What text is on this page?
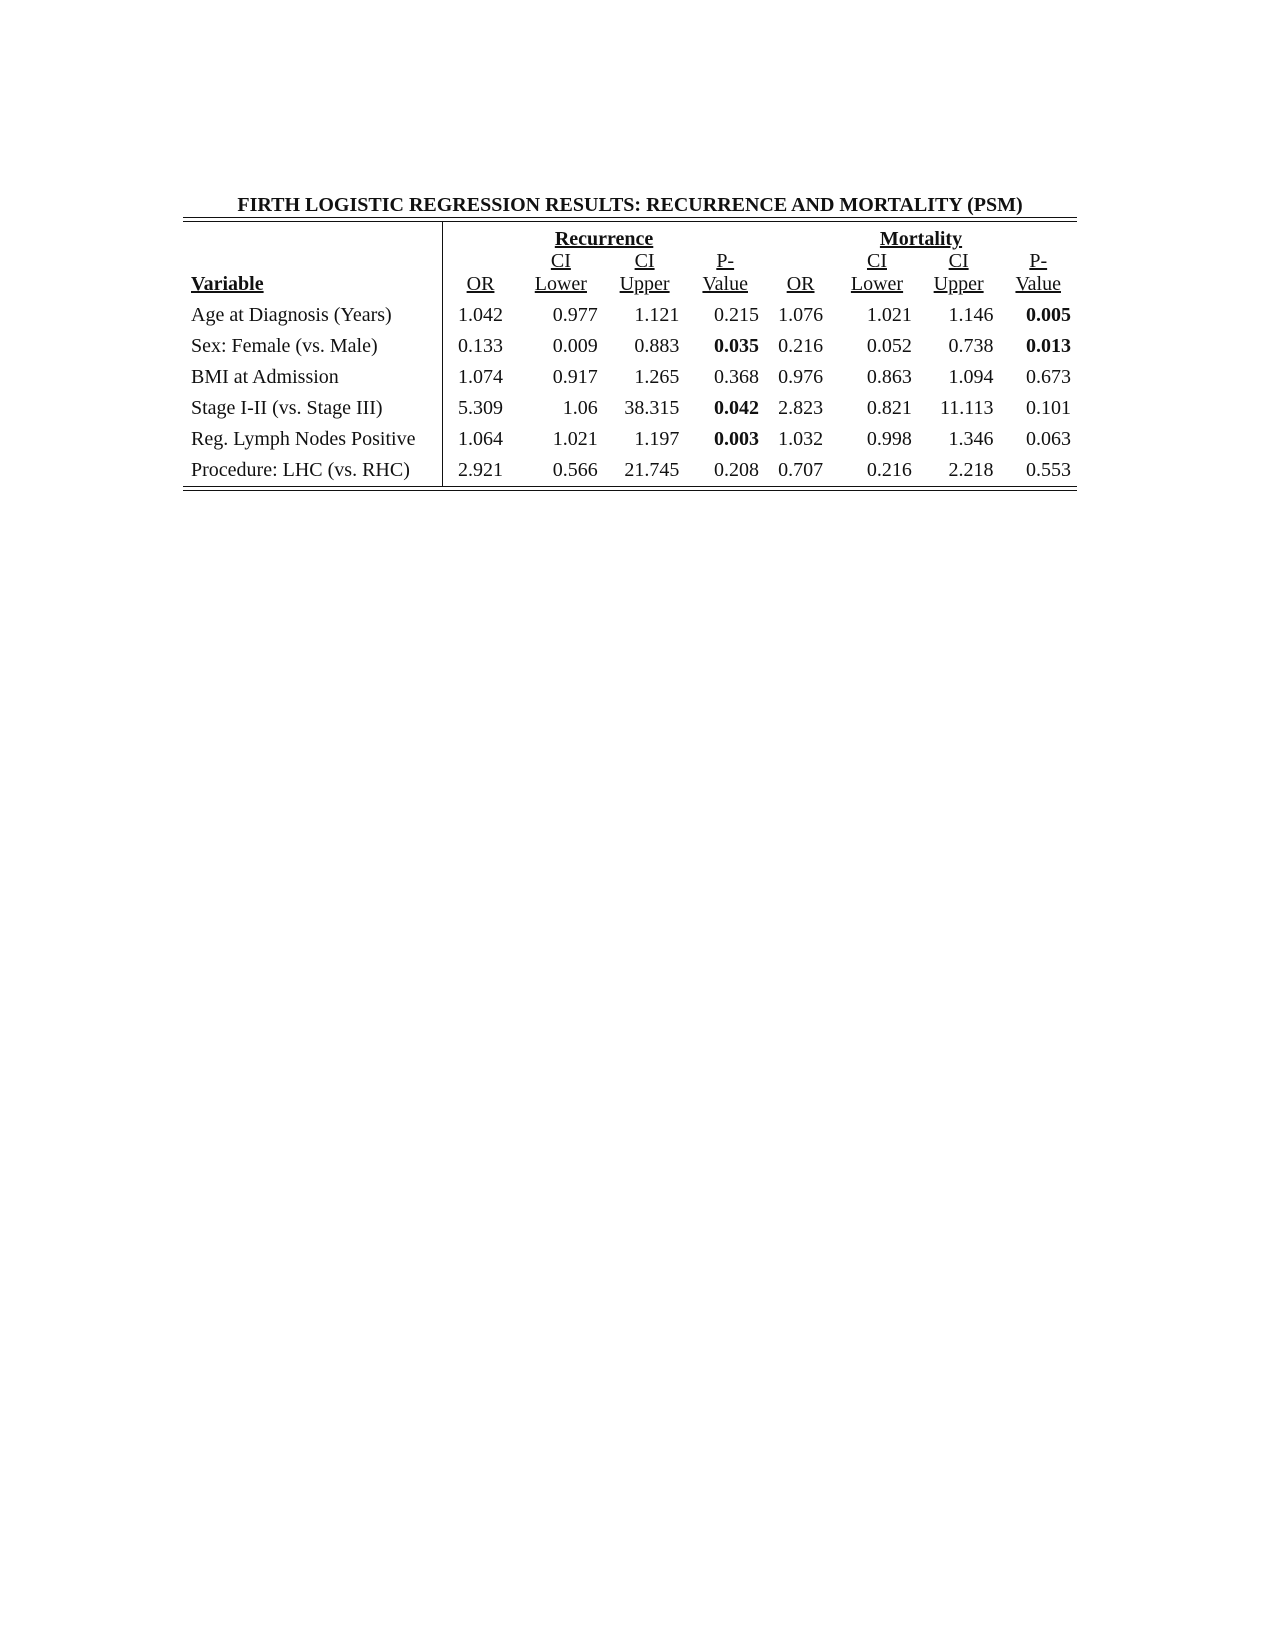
FIRTH LOGISTIC REGRESSION RESULTS: RECURRENCE AND MORTALITY (PSM)
	Recurrence				Mortality			
		CI	CI	P-		CI	CI	P-
Variable	OR	Lower	Upper	Value	OR	Lower	Upper	Value
Age at Diagnosis (Years)	1.042	0.977	1.121	0.215	1.076	1.021	1.146	0.005
Sex: Female (vs. Male)	0.133	0.009	0.883	0.035	0.216	0.052	0.738	0.013
BMI at Admission	1.074	0.917	1.265	0.368	0.976	0.863	1.094	0.673
Stage I-II (vs. Stage III)	5.309	1.06	38.315	0.042	2.823	0.821	11.113	0.101
Reg. Lymph Nodes Positive	1.064	1.021	1.197	0.003	1.032	0.998	1.346	0.063
Procedure: LHC (vs. RHC)	2.921	0.566	21.745	0.208	0.707	0.216	2.218	0.553
